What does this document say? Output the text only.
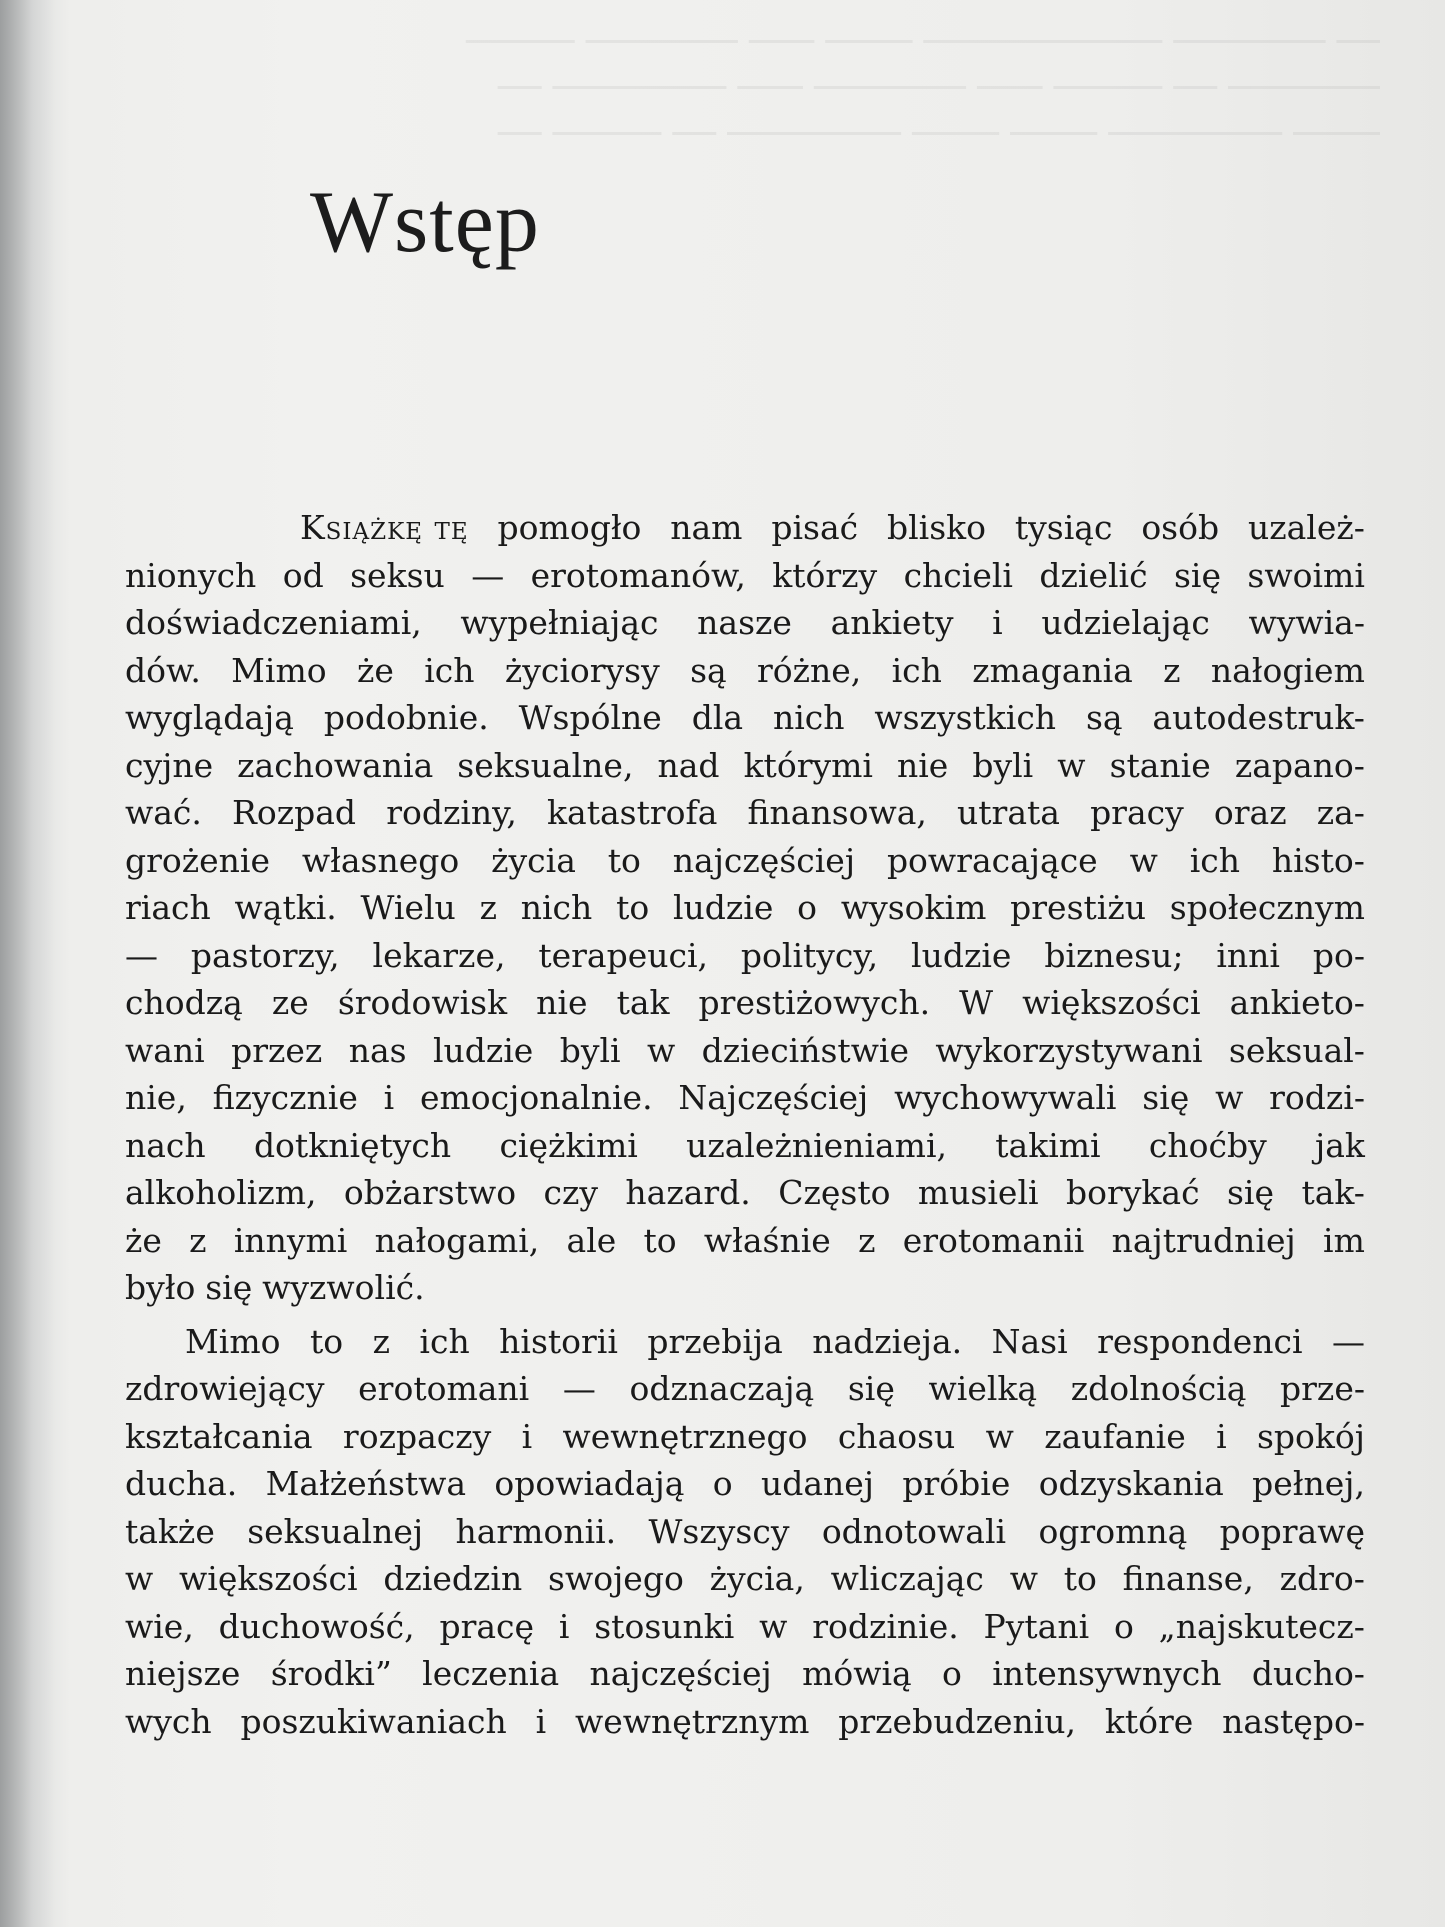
── ─────── ─────────── ──── ─── ─────── ─────
─────── ── ───── ─── ─────── ─── ──────── ──
──── ──────── ──── ──── ──────── ── ───── ──
Wstęp
Książkę tę pomogło nam pisać blisko tysiąc osób uzależ-
nionych od seksu — erotomanów, którzy chcieli dzielić się swoimi
doświadczeniami, wypełniając nasze ankiety i udzielając wywia-
dów. Mimo że ich życiorysy są różne, ich zmagania z nałogiem
wyglądają podobnie. Wspólne dla nich wszystkich są autodestruk-
cyjne zachowania seksualne, nad którymi nie byli w stanie zapano-
wać. Rozpad rodziny, katastrofa finansowa, utrata pracy oraz za-
grożenie własnego życia to najczęściej powracające w ich histo-
riach wątki. Wielu z nich to ludzie o wysokim prestiżu społecznym
— pastorzy, lekarze, terapeuci, politycy, ludzie biznesu; inni po-
chodzą ze środowisk nie tak prestiżowych. W większości ankieto-
wani przez nas ludzie byli w dzieciństwie wykorzystywani seksual-
nie, fizycznie i emocjonalnie. Najczęściej wychowywali się w rodzi-
nach dotkniętych ciężkimi uzależnieniami, takimi choćby jak
alkoholizm, obżarstwo czy hazard. Często musieli borykać się tak-
że z innymi nałogami, ale to właśnie z erotomanii najtrudniej im
było się wyzwolić.
Mimo to z ich historii przebija nadzieja. Nasi respondenci —
zdrowiejący erotomani — odznaczają się wielką zdolnością prze-
kształcania rozpaczy i wewnętrznego chaosu w zaufanie i spokój
ducha. Małżeństwa opowiadają o udanej próbie odzyskania pełnej,
także seksualnej harmonii. Wszyscy odnotowali ogromną poprawę
w większości dziedzin swojego życia, wliczając w to finanse, zdro-
wie, duchowość, pracę i stosunki w rodzinie. Pytani o „najskutecz-
niejsze środki” leczenia najczęściej mówią o intensywnych ducho-
wych poszukiwaniach i wewnętrznym przebudzeniu, które następo-
